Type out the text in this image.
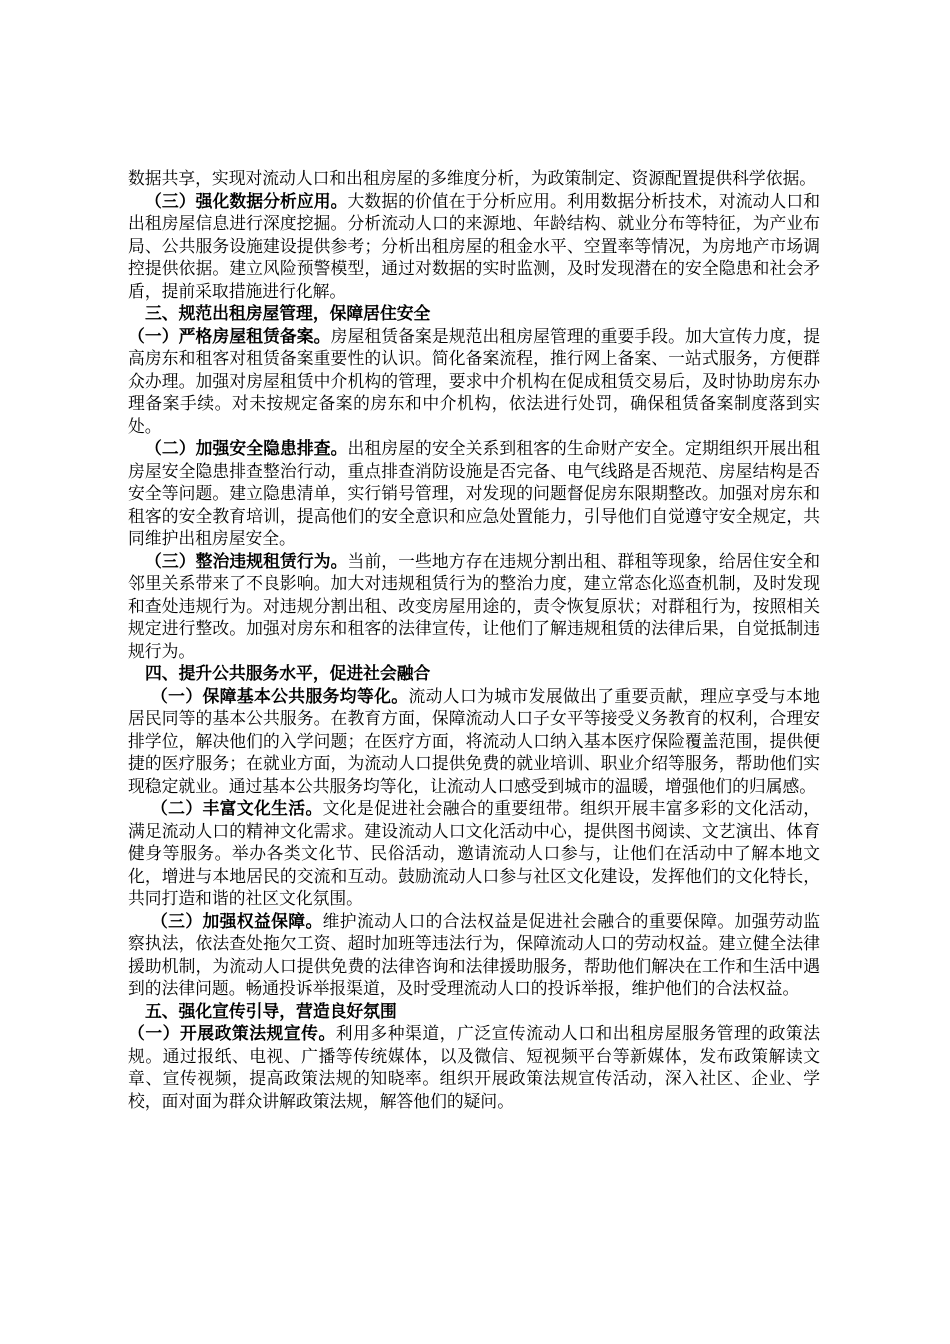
数据共享，实现对流动人口和出租房屋的多维度分析，为政策制定、资源配置提供科学依据。

（三）强化数据分析应用。大数据的价值在于分析应用。利用数据分析技术，对流动人口和出租房屋信息进行深度挖掘。分析流动人口的来源地、年龄结构、就业分布等特征，为产业布局、公共服务设施建设提供参考；分析出租房屋的租金水平、空置率等情况，为房地产市场调控提供依据。建立风险预警模型，通过对数据的实时监测，及时发现潜在的安全隐患和社会矛盾，提前采取措施进行化解。

三、规范出租房屋管理，保障居住安全

（一）严格房屋租赁备案。房屋租赁备案是规范出租房屋管理的重要手段。加大宣传力度，提高房东和租客对租赁备案重要性的认识。简化备案流程，推行网上备案、一站式服务，方便群众办理。加强对房屋租赁中介机构的管理，要求中介机构在促成租赁交易后，及时协助房东办理备案手续。对未按规定备案的房东和中介机构，依法进行处罚，确保租赁备案制度落到实处。

（二）加强安全隐患排查。出租房屋的安全关系到租客的生命财产安全。定期组织开展出租房屋安全隐患排查整治行动，重点排查消防设施是否完备、电气线路是否规范、房屋结构是否安全等问题。建立隐患清单，实行销号管理，对发现的问题督促房东限期整改。加强对房东和租客的安全教育培训，提高他们的安全意识和应急处置能力，引导他们自觉遵守安全规定，共同维护出租房屋安全。

（三）整治违规租赁行为。当前，一些地方存在违规分割出租、群租等现象，给居住安全和邻里关系带来了不良影响。加大对违规租赁行为的整治力度，建立常态化巡查机制，及时发现和查处违规行为。对违规分割出租、改变房屋用途的，责令恢复原状；对群租行为，按照相关规定进行整改。加强对房东和租客的法律宣传，让他们了解违规租赁的法律后果，自觉抵制违规行为。

四、提升公共服务水平，促进社会融合

（一）保障基本公共服务均等化。流动人口为城市发展做出了重要贡献，理应享受与本地居民同等的基本公共服务。在教育方面，保障流动人口子女平等接受义务教育的权利，合理安排学位，解决他们的入学问题；在医疗方面，将流动人口纳入基本医疗保险覆盖范围，提供便捷的医疗服务；在就业方面，为流动人口提供免费的就业培训、职业介绍等服务，帮助他们实现稳定就业。通过基本公共服务均等化，让流动人口感受到城市的温暖，增强他们的归属感。

（二）丰富文化生活。文化是促进社会融合的重要纽带。组织开展丰富多彩的文化活动，满足流动人口的精神文化需求。建设流动人口文化活动中心，提供图书阅读、文艺演出、体育健身等服务。举办各类文化节、民俗活动，邀请流动人口参与，让他们在活动中了解本地文化，增进与本地居民的交流和互动。鼓励流动人口参与社区文化建设，发挥他们的文化特长，共同打造和谐的社区文化氛围。

（三）加强权益保障。维护流动人口的合法权益是促进社会融合的重要保障。加强劳动监察执法，依法查处拖欠工资、超时加班等违法行为，保障流动人口的劳动权益。建立健全法律援助机制，为流动人口提供免费的法律咨询和法律援助服务，帮助他们解决在工作和生活中遇到的法律问题。畅通投诉举报渠道，及时受理流动人口的投诉举报，维护他们的合法权益。

五、强化宣传引导，营造良好氛围

（一）开展政策法规宣传。利用多种渠道，广泛宣传流动人口和出租房屋服务管理的政策法规。通过报纸、电视、广播等传统媒体，以及微信、短视频平台等新媒体，发布政策解读文章、宣传视频，提高政策法规的知晓率。组织开展政策法规宣传活动，深入社区、企业、学校，面对面为群众讲解政策法规，解答他们的疑问。
